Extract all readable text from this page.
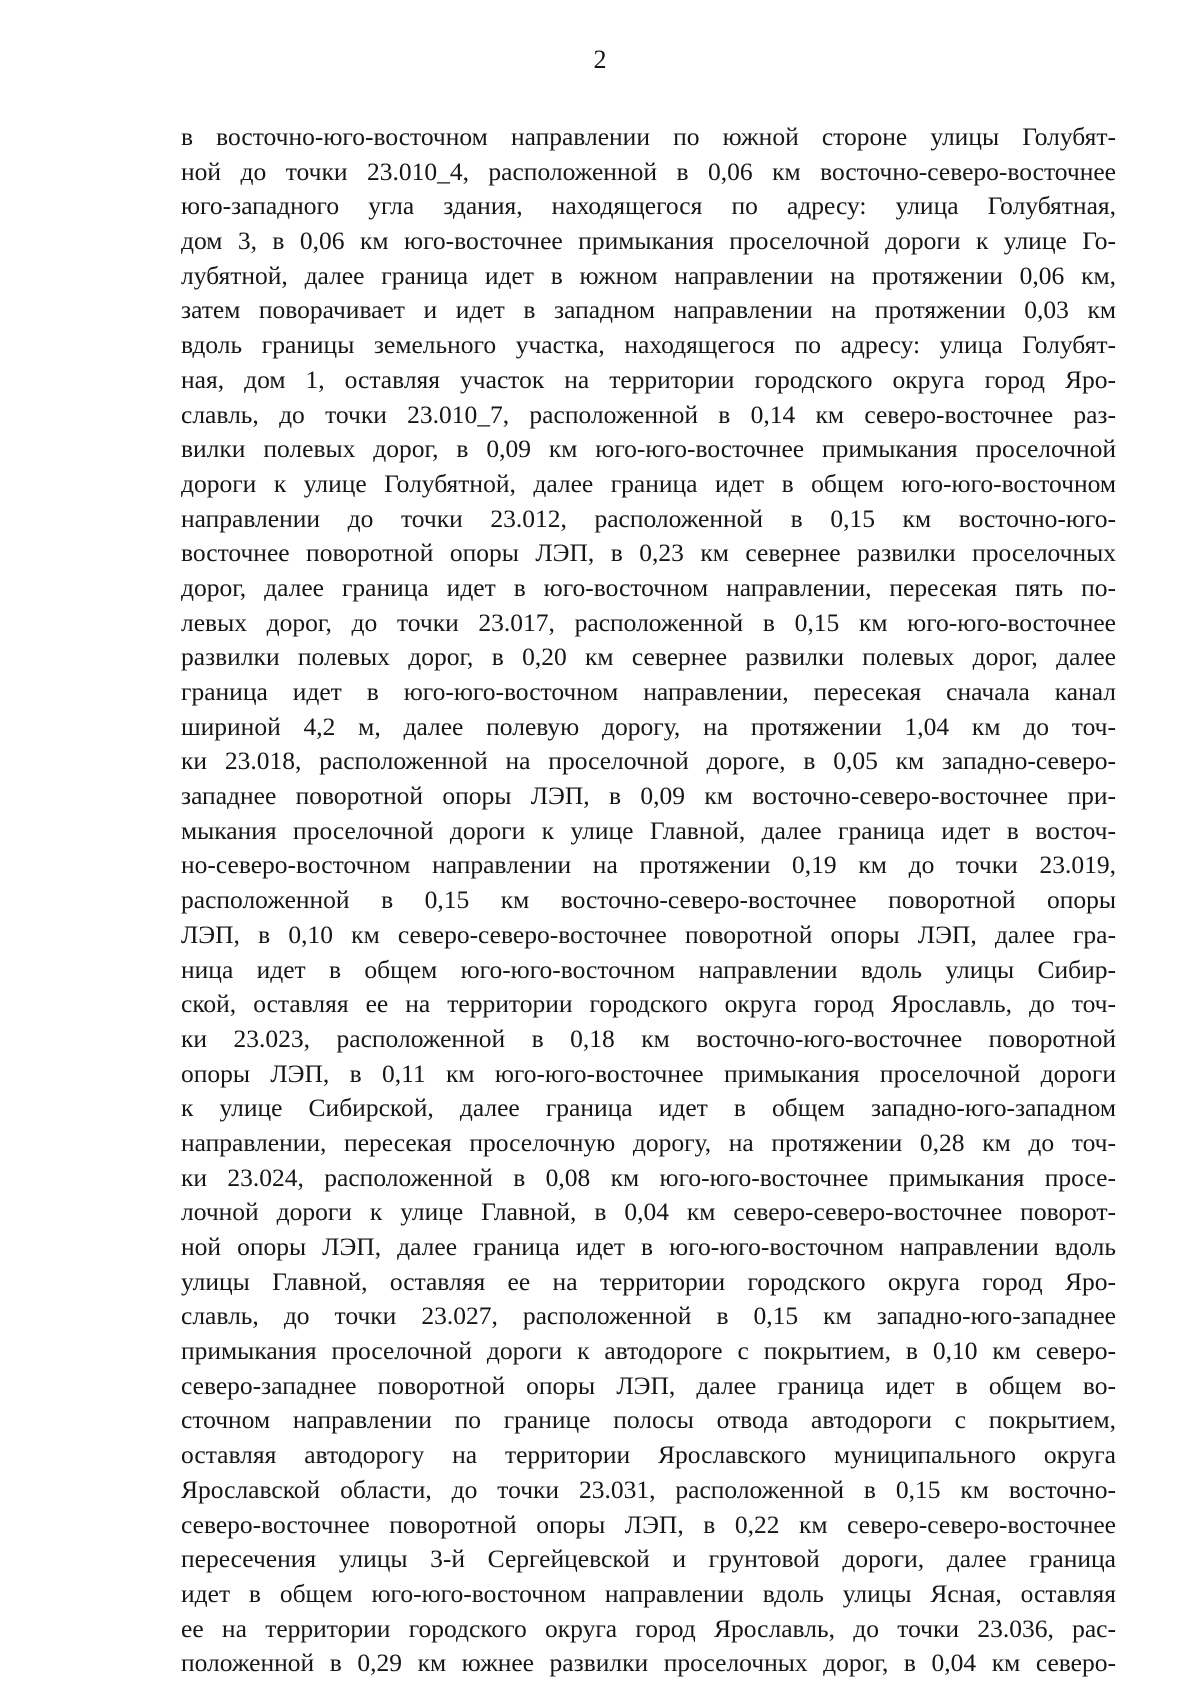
2
в восточно-юго-восточном направлении по южной стороне улицы Голубят-
ной до точки 23.010_4, расположенной в 0,06 км восточно-северо-восточнее
юго-западного угла здания, находящегося по адресу: улица Голубятная,
дом 3, в 0,06 км юго-восточнее примыкания проселочной дороги к улице Го-
лубятной, далее граница идет в южном направлении на протяжении 0,06 км,
затем поворачивает и идет в западном направлении на протяжении 0,03 км
вдоль границы земельного участка, находящегося по адресу: улица Голубят-
ная, дом 1, оставляя участок на территории городского округа город Яро-
славль, до точки 23.010_7, расположенной в 0,14 км северо-восточнее раз-
вилки полевых дорог, в 0,09 км юго-юго-восточнее примыкания проселочной
дороги к улице Голубятной, далее граница идет в общем юго-юго-восточном
направлении до точки 23.012, расположенной в 0,15 км восточно-юго-
восточнее поворотной опоры ЛЭП, в 0,23 км севернее развилки проселочных
дорог, далее граница идет в юго-восточном направлении, пересекая пять по-
левых дорог, до точки 23.017, расположенной в 0,15 км юго-юго-восточнее
развилки полевых дорог, в 0,20 км севернее развилки полевых дорог, далее
граница идет в юго-юго-восточном направлении, пересекая сначала канал
шириной 4,2 м, далее полевую дорогу, на протяжении 1,04 км до точ-
ки 23.018, расположенной на проселочной дороге, в 0,05 км западно-северо-
западнее поворотной опоры ЛЭП, в 0,09 км восточно-северо-восточнее при-
мыкания проселочной дороги к улице Главной, далее граница идет в восточ-
но-северо-восточном направлении на протяжении 0,19 км до точки 23.019,
расположенной в 0,15 км восточно-северо-восточнее поворотной опоры
ЛЭП, в 0,10 км северо-северо-восточнее поворотной опоры ЛЭП, далее гра-
ница идет в общем юго-юго-восточном направлении вдоль улицы Сибир-
ской, оставляя ее на территории городского округа город Ярославль, до точ-
ки 23.023, расположенной в 0,18 км восточно-юго-восточнее поворотной
опоры ЛЭП, в 0,11 км юго-юго-восточнее примыкания проселочной дороги
к улице Сибирской, далее граница идет в общем западно-юго-западном
направлении, пересекая проселочную дорогу, на протяжении 0,28 км до точ-
ки 23.024, расположенной в 0,08 км юго-юго-восточнее примыкания просе-
лочной дороги к улице Главной, в 0,04 км северо-северо-восточнее поворот-
ной опоры ЛЭП, далее граница идет в юго-юго-восточном направлении вдоль
улицы Главной, оставляя ее на территории городского округа город Яро-
славль, до точки 23.027, расположенной в 0,15 км западно-юго-западнее
примыкания проселочной дороги к автодороге с покрытием, в 0,10 км северо-
северо-западнее поворотной опоры ЛЭП, далее граница идет в общем во-
сточном направлении по границе полосы отвода автодороги с покрытием,
оставляя автодорогу на территории Ярославского муниципального округа
Ярославской области, до точки 23.031, расположенной в 0,15 км восточно-
северо-восточнее поворотной опоры ЛЭП, в 0,22 км северо-северо-восточнее
пересечения улицы 3-й Сергейцевской и грунтовой дороги, далее граница
идет в общем юго-юго-восточном направлении вдоль улицы Ясная, оставляя
ее на территории городского округа город Ярославль, до точки 23.036, рас-
положенной в 0,29 км южнее развилки проселочных дорог, в 0,04 км северо-
